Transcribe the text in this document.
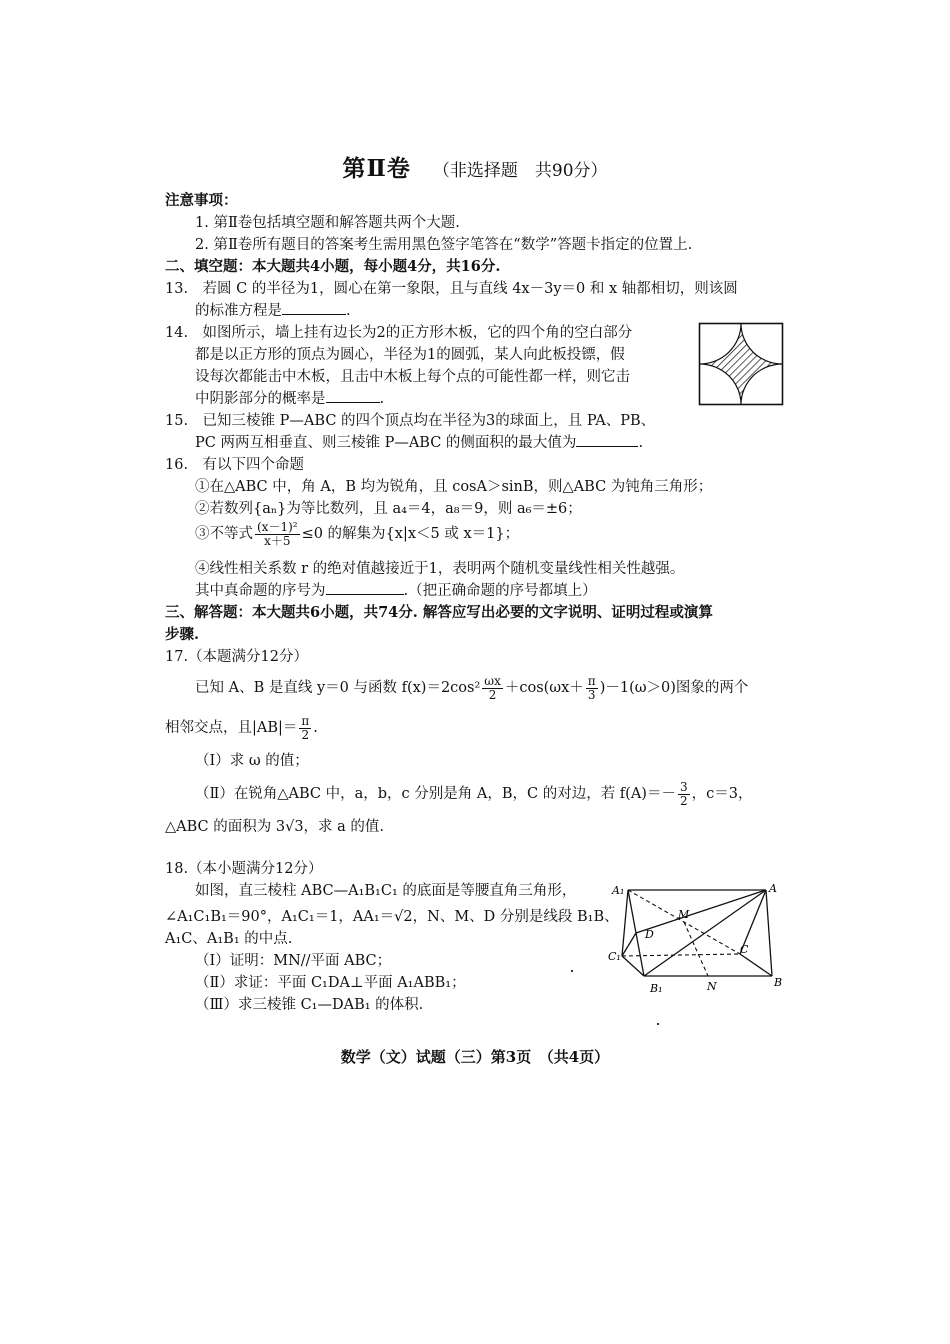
第Ⅱ卷 （非选择题　共90分）
注意事项：
1. 第Ⅱ卷包括填空题和解答题共两个大题.
2. 第Ⅱ卷所有题目的答案考生需用黑色签字笔答在“数学”答题卡指定的位置上.
二、填空题：本大题共4小题，每小题4分，共16分.
13.　若圆 C 的半径为1，圆心在第一象限，且与直线 4x－3y＝0 和 x 轴都相切，则该圆
的标准方程是	.
14.　如图所示，墙上挂有边长为2的正方形木板，它的四个角的空白部分
都是以正方形的顶点为圆心，半径为1的圆弧，某人向此板投镖，假
设每次都能击中木板，且击中木板上每个点的可能性都一样，则它击
中阴影部分的概率是	.
15.　已知三棱锥 P—ABC 的四个顶点均在半径为3的球面上，且 PA、PB、
PC 两两互相垂直、则三棱锥 P—ABC 的侧面积的最大值为	.
16.　有以下四个命题
①在△ABC 中，角 A，B 均为锐角，且 cosA＞sinB，则△ABC 为钝角三角形；
②若数列{aₙ}为等比数列，且 a₄＝4，a₈＝9，则 a₆＝±6；
③不等式 $\frac{\text{(x－1)²}}{x+5} \le 0$ 的解集为{x|x＜5 或 x＝1}；
④线性相关系数 r 的绝对值越接近于1，表明两个随机变量线性相关性越强。
其中真命题的序号为	.（把正确命题的序号都填上）
三、解答题：本大题共6小题，共74分. 解答应写出必要的文字说明、证明过程或演算
步骤.
17.（本题满分12分）
已知 A、B 是直线 y＝0 与函数 $f(x)=2\cos^2 \frac{\omega x}{2} +\cos(\omega x+ \frac{\pi}{3} )-1(\omega>0)$图象的两个
相邻交点，且$|AB|= \frac{\pi}{2}$ .
（Ⅰ）求 ω 的值；
（Ⅱ）在锐角△ABC 中，a，b，c 分别是角 A，B，C 的对边，若 $f(A)=- \frac{3}{2}$ ，c＝3，
△ABC 的面积为 3√3，求 a 的值.
18.（本小题满分12分）
如图，直三棱柱 ABC—A₁B₁C₁ 的底面是等腰直角三角形，
∠A₁C₁B₁＝90°，A₁C₁＝1，AA₁＝√2，N、M、D 分别是线段 B₁B、
A₁C、A₁B₁ 的中点.
（Ⅰ）证明：MN//平面 ABC；
（Ⅱ）求证：平面 C₁DA⊥平面 A₁ABB₁；
（Ⅲ）求三棱锥 C₁—DAB₁ 的体积.
A₁	A
M
D
C
C₁
B₁	N	B
数学（文）试题（三）第3页　（共4页）
